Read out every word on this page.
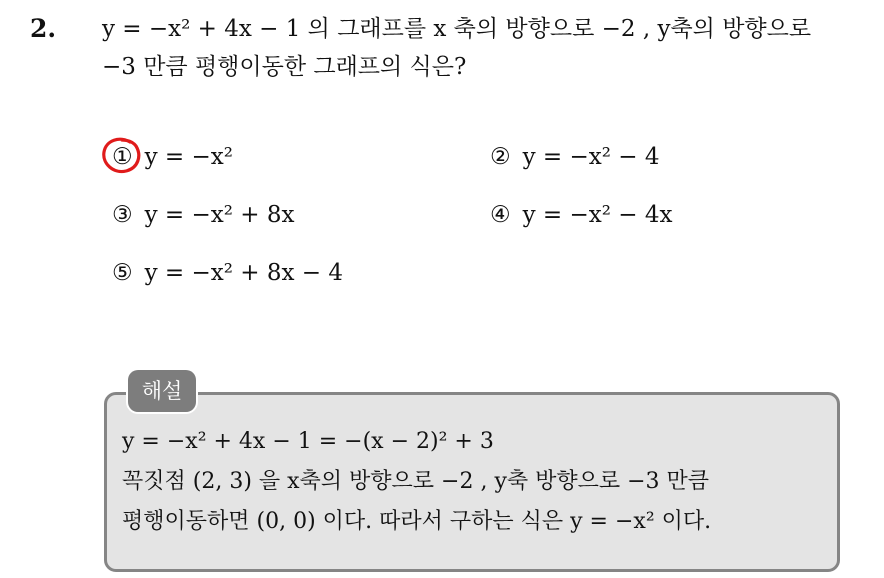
2. y = −x² + 4x − 1 의 그래프를 x 축의 방향으로 −2 , y축의 방향으로
−3 만큼 평행이동한 그래프의 식은?
① y = −x²	② y = −x² − 4
③ y = −x² + 8x	④ y = −x² − 4x
⑤ y = −x² + 8x − 4
해설
y = −x² + 4x − 1 = −(x − 2)² + 3
꼭짓점 (2, 3) 을 x축의 방향으로 −2 , y축 방향으로 −3 만큼
평행이동하면 (0, 0) 이다. 따라서 구하는 식은 y = −x² 이다.
